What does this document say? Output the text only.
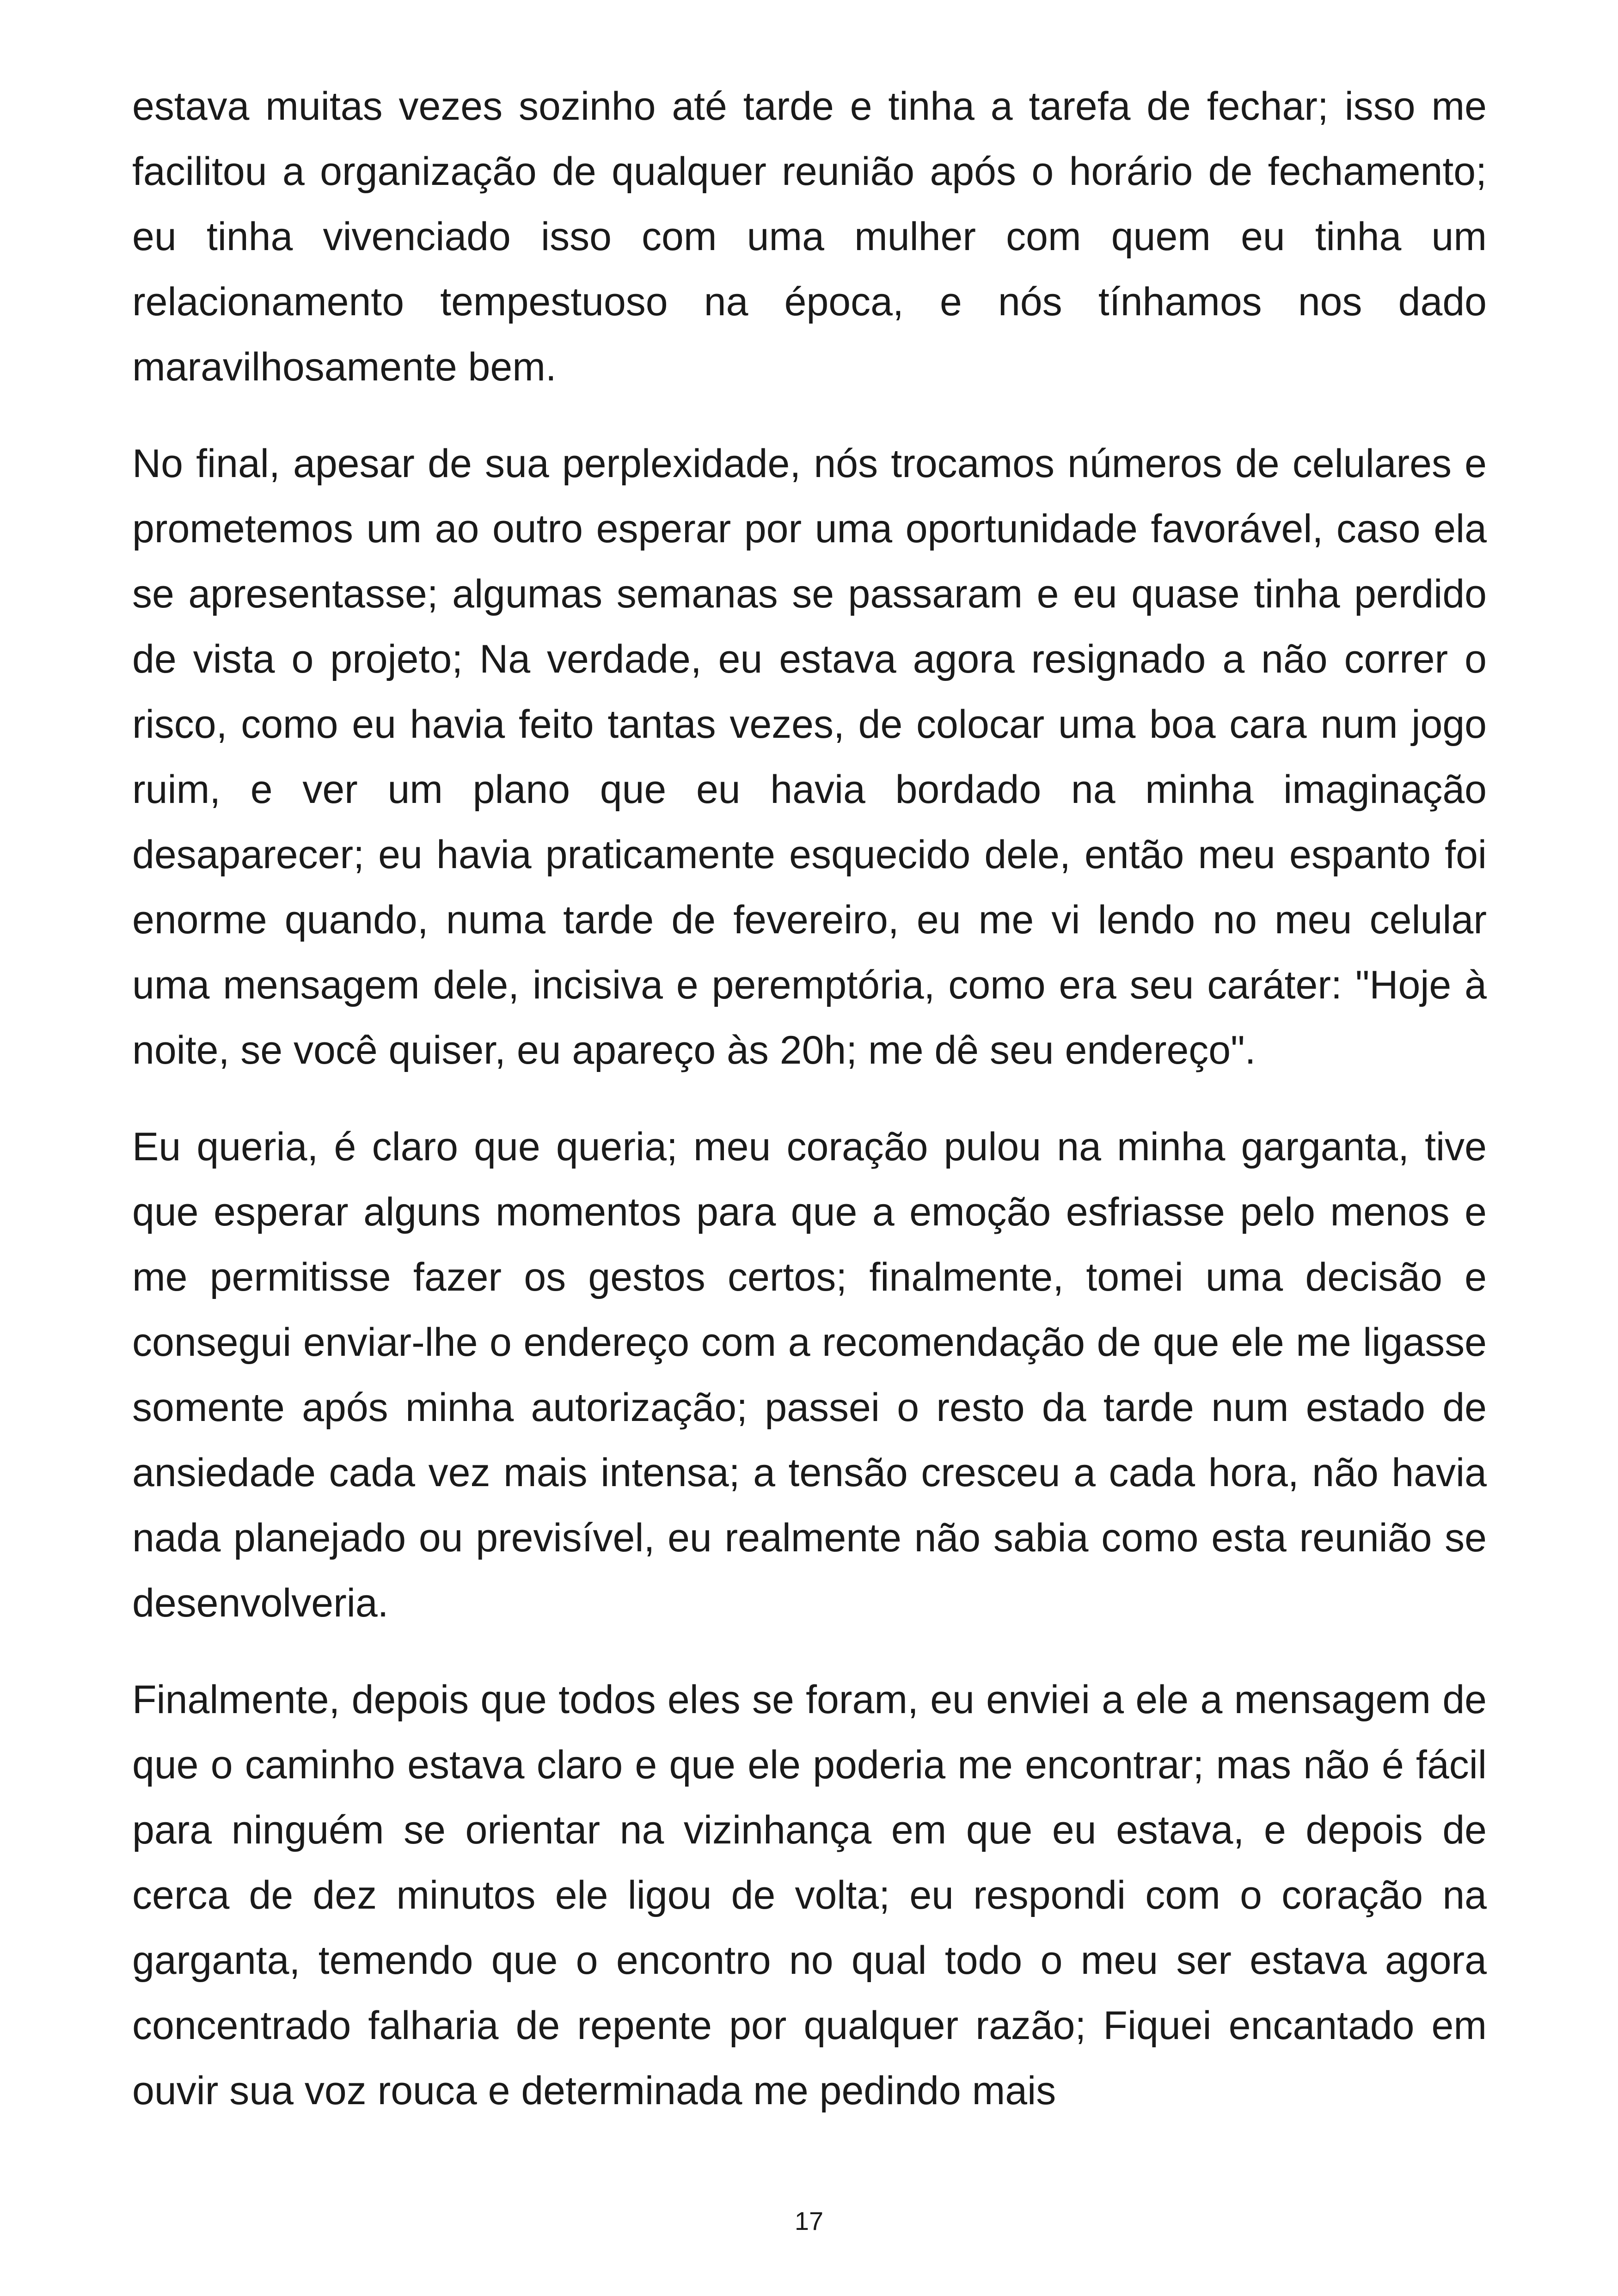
estava muitas vezes sozinho até tarde e tinha a tarefa de fechar; isso me facilitou a organização de qualquer reunião após o horário de fechamento; eu tinha vivenciado isso com uma mulher com quem eu tinha um relacionamento tempestuoso na época, e nós tínhamos nos dado maravilhosamente bem.

No final, apesar de sua perplexidade, nós trocamos números de celulares e prometemos um ao outro esperar por uma oportunidade favorável, caso ela se apresentasse; algumas semanas se passaram e eu quase tinha perdido de vista o projeto; Na verdade, eu estava agora resignado a não correr o risco, como eu havia feito tantas vezes, de colocar uma boa cara num jogo ruim, e ver um plano que eu havia bordado na minha imaginação desaparecer; eu havia praticamente esquecido dele, então meu espanto foi enorme quando, numa tarde de fevereiro, eu me vi lendo no meu celular uma mensagem dele, incisiva e peremptória, como era seu caráter: "Hoje à noite, se você quiser, eu apareço às 20h; me dê seu endereço".

Eu queria, é claro que queria; meu coração pulou na minha garganta, tive que esperar alguns momentos para que a emoção esfriasse pelo menos e me permitisse fazer os gestos certos; finalmente, tomei uma decisão e consegui enviar-lhe o endereço com a recomendação de que ele me ligasse somente após minha autorização; passei o resto da tarde num estado de ansiedade cada vez mais intensa; a tensão cresceu a cada hora, não havia nada planejado ou previsível, eu realmente não sabia como esta reunião se desenvolveria.

Finalmente, depois que todos eles se foram, eu enviei a ele a mensagem de que o caminho estava claro e que ele poderia me encontrar; mas não é fácil para ninguém se orientar na vizinhança em que eu estava, e depois de cerca de dez minutos ele ligou de volta; eu respondi com o coração na garganta, temendo que o encontro no qual todo o meu ser estava agora concentrado falharia de repente por qualquer razão; Fiquei encantado em ouvir sua voz rouca e determinada me pedindo mais

17
